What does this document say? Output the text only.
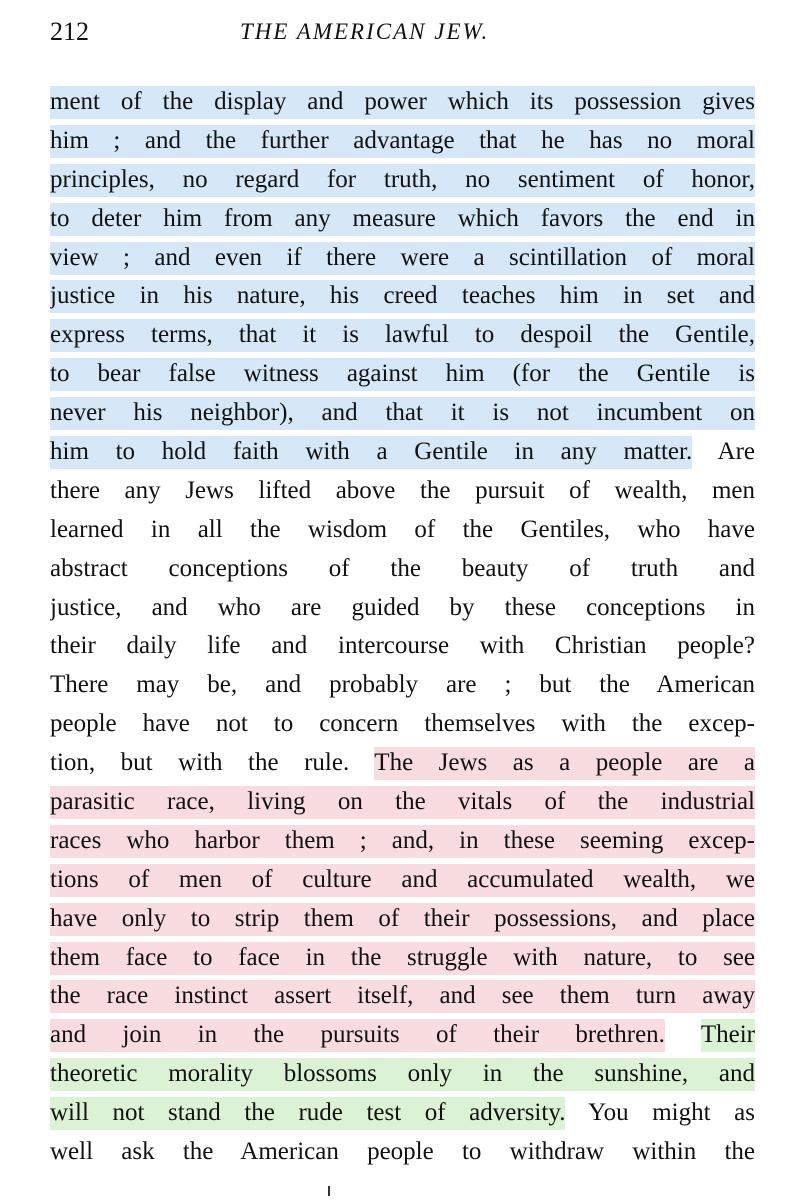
212	THE AMERICAN JEW.
ment of the display and power which its possession gives
him ; and the further advantage that he has no moral
principles, no regard for truth, no sentiment of honor,
to deter him from any measure which favors the end in
view ; and even if there were a scintillation of moral
justice in his nature, his creed teaches him in set and
express terms, that it is lawful to despoil the Gentile,
to bear false witness against him (for the Gentile is
never his neighbor), and that it is not incumbent on
him to hold faith with a Gentile in any matter. Are
there any Jews lifted above the pursuit of wealth, men
learned in all the wisdom of the Gentiles, who have
abstract conceptions of the beauty of truth and
justice, and who are guided by these conceptions in
their daily life and intercourse with Christian people?
There may be, and probably are ; but the American
people have not to concern themselves with the excep-
tion, but with the rule. The Jews as a people are a
parasitic race, living on the vitals of the industrial
races who harbor them ; and, in these seeming excep-
tions of men of culture and accumulated wealth, we
have only to strip them of their possessions, and place
them face to face in the struggle with nature, to see
the race instinct assert itself, and see them turn away
and join in the pursuits of their brethren. Their
theoretic morality blossoms only in the sunshine, and
will not stand the rude test of adversity. You might as
well ask the American people to withdraw within the
